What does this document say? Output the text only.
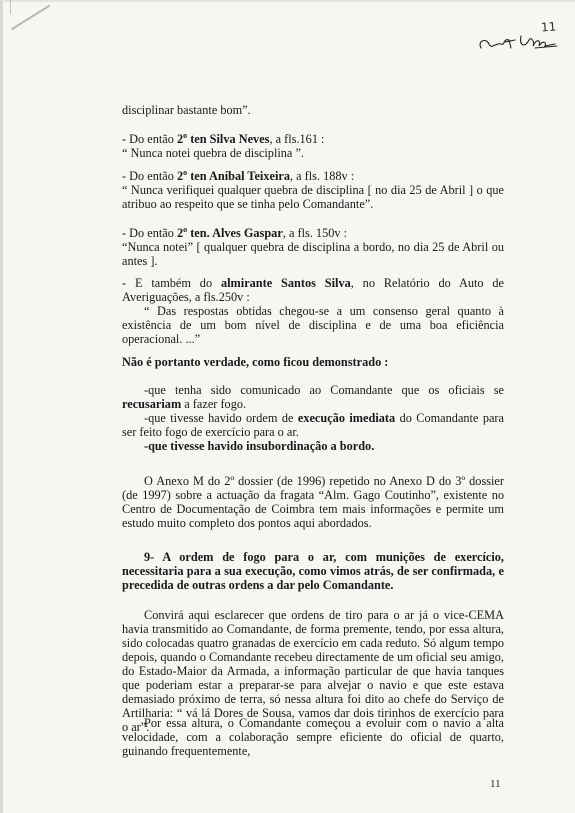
11

disciplinar bastante bom”.

- Do então 2$^o$ ten Silva Neves, a fls.161 :

“ Nunca notei quebra de disciplina ”.

- Do então 2$^o$ ten Aníbal Teixeira, a fls. 188v :

“ Nunca verifiquei qualquer quebra de disciplina [ no dia 25 de Abril ] o que atribuo ao respeito que se tinha pelo Comandante”.

- Do então 2$^o$ ten. Alves Gaspar, a fls. 150v :

“Nunca notei” [ qualquer quebra de disciplina a bordo, no dia 25 de Abril ou antes ].

- E também do almirante Santos Silva, no Relatório do Auto de Averiguações, a fls.250v :

“ Das respostas obtidas chegou-se a um consenso geral quanto à existência de um bom nível de disciplina e de uma boa eficiência operacional. ...”

Não é portanto verdade, como ficou demonstrado :

-que tenha sido comunicado ao Comandante que os oficiais se recusariam a fazer fogo.

-que tivesse havido ordem de execução imediata do Comandante para ser feito fogo de exercício para o ar.

-que tivesse havido insubordinação a bordo.

O Anexo M do 2º dossier (de 1996) repetido no Anexo D do 3º dossier (de 1997) sobre a actuação da fragata “Alm. Gago Coutinho”, existente no Centro de Documentação de Coimbra tem mais informações e permite um estudo muito completo dos pontos aqui abordados.

9- A ordem de fogo para o ar, com munições de exercício, necessitaria para a sua execução, como vimos atrás, de ser confirmada, e precedida de outras ordens a dar pelo Comandante.

Convirá aqui esclarecer que ordens de tiro para o ar já o vice-CEMA havia transmitido ao Comandante, de forma premente, tendo, por essa altura, sido colocadas quatro granadas de exercício em cada reduto. Só algum tempo depois, quando o Comandante recebeu directamente de um oficial seu amigo, do Estado-Maior da Armada, a informação particular de que havia tanques que poderiam estar a preparar-se para alvejar o navio e que este estava demasiado próximo de terra, só nessa altura foi dito ao chefe do Serviço de Artilharia: “ vá lá Dores de Sousa, vamos dar dois tirinhos de exercício para o ar”.

Por essa altura, o Comandante começou a evoluir com o navio a alta velocidade, com a colaboração sempre eficiente do oficial de quarto, guinando frequentemente,

11
